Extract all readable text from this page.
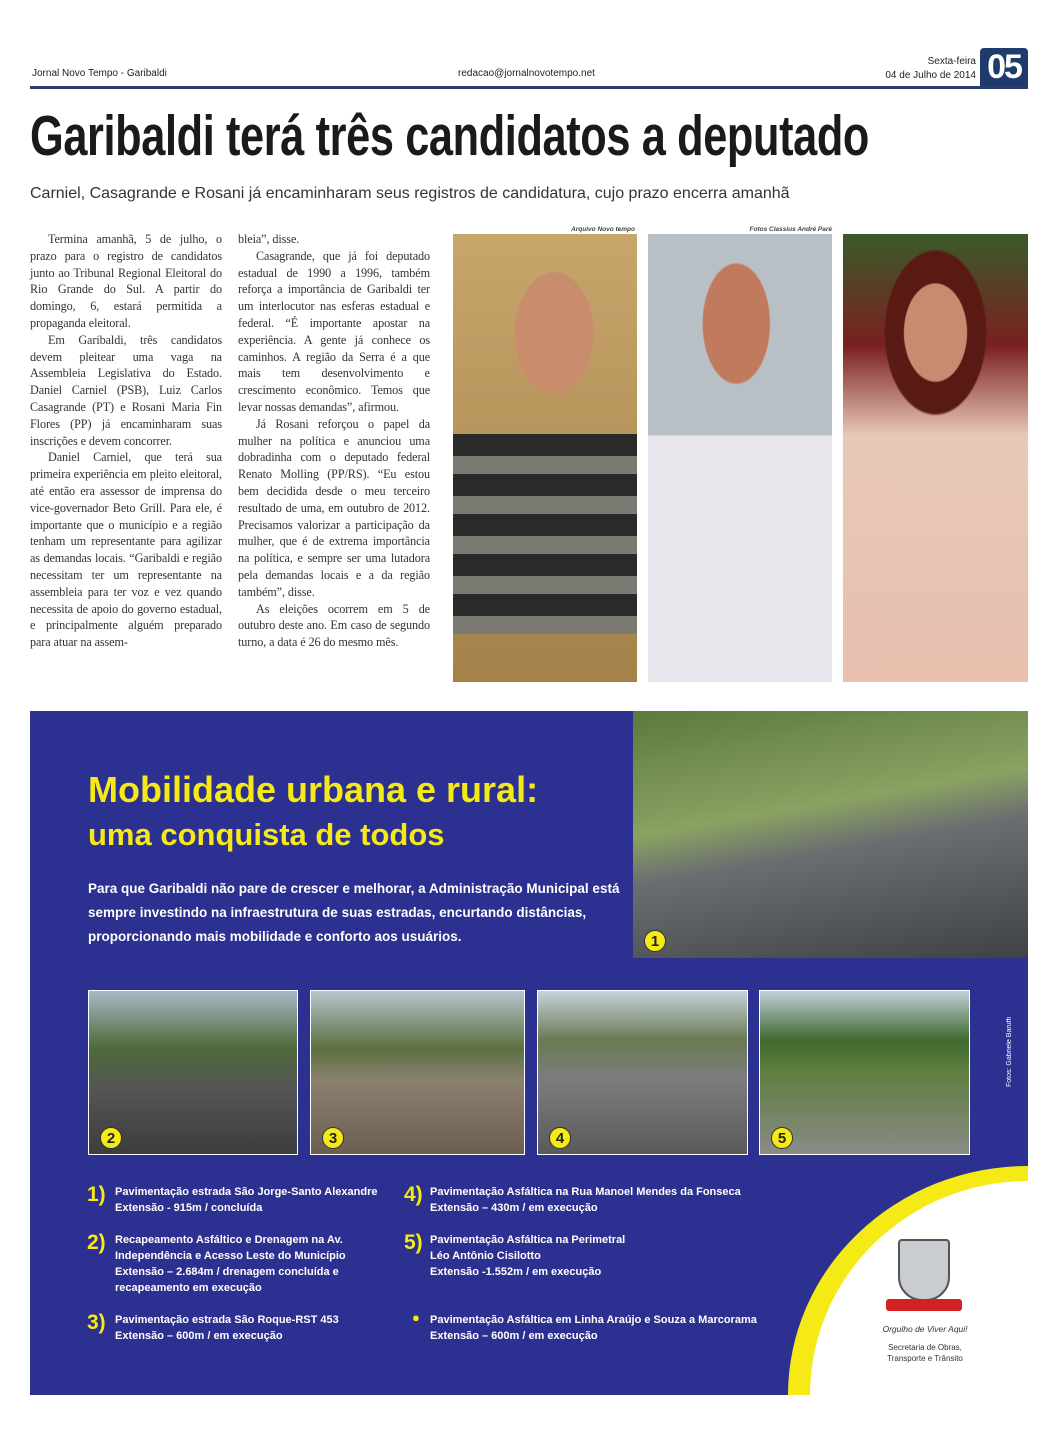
Jornal Novo Tempo - Garibaldi	redacao@jornalnovotempo.net
Sexta-feira
04 de Julho de 2014 05
Garibaldi terá três candidatos a deputado
Carniel, Casagrande e Rosani já encaminharam seus registros de candidatura, cujo prazo encerra amanhã

Termina amanhã, 5 de julho, o prazo para o registro de candidatos junto ao Tribunal Regional Eleitoral do Rio Grande do Sul. A partir do domingo, 6, estará permitida a propaganda eleitoral.

Em Garibaldi, três candidatos devem pleitear uma vaga na Assembleia Legislativa do Estado. Daniel Carniel (PSB), Luiz Carlos Casagrande (PT) e Rosani Maria Fin Flores (PP) já encaminharam suas inscrições e devem concorrer.

Daniel Carniel, que terá sua primeira experiência em pleito eleitoral, até então era assessor de imprensa do vice-governador Beto Grill. Para ele, é importante que o município e a região tenham um representante para agilizar as demandas locais. “Garibaldi e região necessitam ter um representante na assembleia para ter voz e vez quando necessita de apoio do governo estadual, e principalmente alguém preparado para atuar na assem-

bleia”, disse.

Casagrande, que já foi deputado estadual de 1990 a 1996, também reforça a importância de Garibaldi ter um interlocutor nas esferas estadual e federal. “É importante apostar na experiência. A gente já conhece os caminhos. A região da Serra é a que mais tem desenvolvimento e crescimento econômico. Temos que levar nossas demandas”, afirmou.

Já Rosani reforçou o papel da mulher na política e anunciou uma dobradinha com o deputado federal Renato Molling (PP/RS). “Eu estou bem decidida desde o meu terceiro resultado de uma, em outubro de 2012. Precisamos valorizar a participação da mulher, que é de extrema importância na política, e sempre ser uma lutadora pela demandas locais e a da região também”, disse.

As eleições ocorrem em 5 de outubro deste ano. Em caso de segundo turno, a data é 26 do mesmo mês.

Arquivo Novo tempo	Fotos Classius André Paré
1
Mobilidade urbana e rural:
uma conquista de todos
Para que Garibaldi não pare de crescer e melhorar, a Administração Municipal está sempre investindo na infraestrutura de suas estradas, encurtando distâncias, proporcionando mais mobilidade e conforto aos usuários.
2	3	4	5
Fotos: Gabriele Baruffi
1) Pavimentação estrada São Jorge-Santo Alexandre
Extensão - 915m / concluída
2) Recapeamento Asfáltico e Drenagem na Av.
Independência e Acesso Leste do Município
Extensão – 2.684m / drenagem concluída e
recapeamento em execução
3) Pavimentação estrada São Roque-RST 453
Extensão – 600m / em execução
4) Pavimentação Asfáltica na Rua Manoel Mendes da Fonseca
Extensão – 430m / em execução
5) Pavimentação Asfáltica na Perimetral
Léo Antônio Cisilotto
Extensão -1.552m / em execução
● Pavimentação Asfáltica em Linha Araújo e Souza a Marcorama
Extensão – 600m / em execução
Orgulho de Viver Aqui!
Secretaria de Obras,
Transporte e Trânsito
